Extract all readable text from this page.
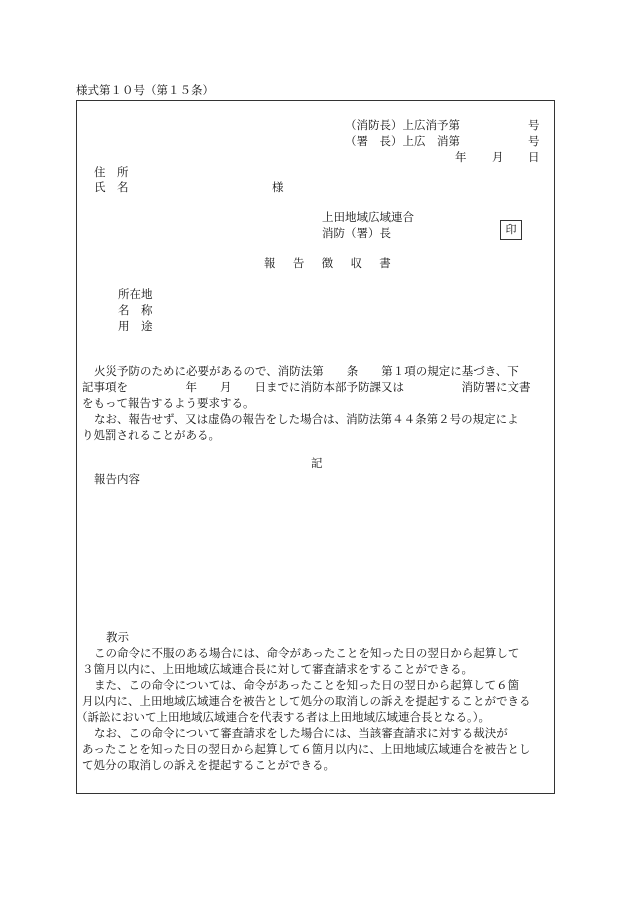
様式第１０号（第１５条）
（消防長）上広消予第	号
（署　長）上広　消第	号
年 月 日
住　所
氏　名	様
上田地域広域連合
消防（署）長	印
報 告 徴 収 書
所在地
名　称
用　途
火災予防のために必要があるので、消防法第　　条　　第１項の規定に基づき、下
記事項を　　　　　年　　月　　日までに消防本部予防課又は　　　　　消防署に文書
をもって報告するよう要求する。
なお、報告せず、又は虚偽の報告をした場合は、消防法第４４条第２号の規定によ
り処罰されることがある。
記
報告内容
教示
この命令に不服のある場合には、命令があったことを知った日の翌日から起算して
３箇月以内に、上田地域広域連合長に対して審査請求をすることができる。
また、この命令については、命令があったことを知った日の翌日から起算して６箇
月以内に、上田地域広域連合を被告として処分の取消しの訴えを提起することができる
（訴訟において上田地域広域連合を代表する者は上田地域広域連合長となる。）。
なお、この命令について審査請求をした場合には、当該審査請求に対する裁決が
あったことを知った日の翌日から起算して６箇月以内に、上田地域広域連合を被告とし
て処分の取消しの訴えを提起することができる。
